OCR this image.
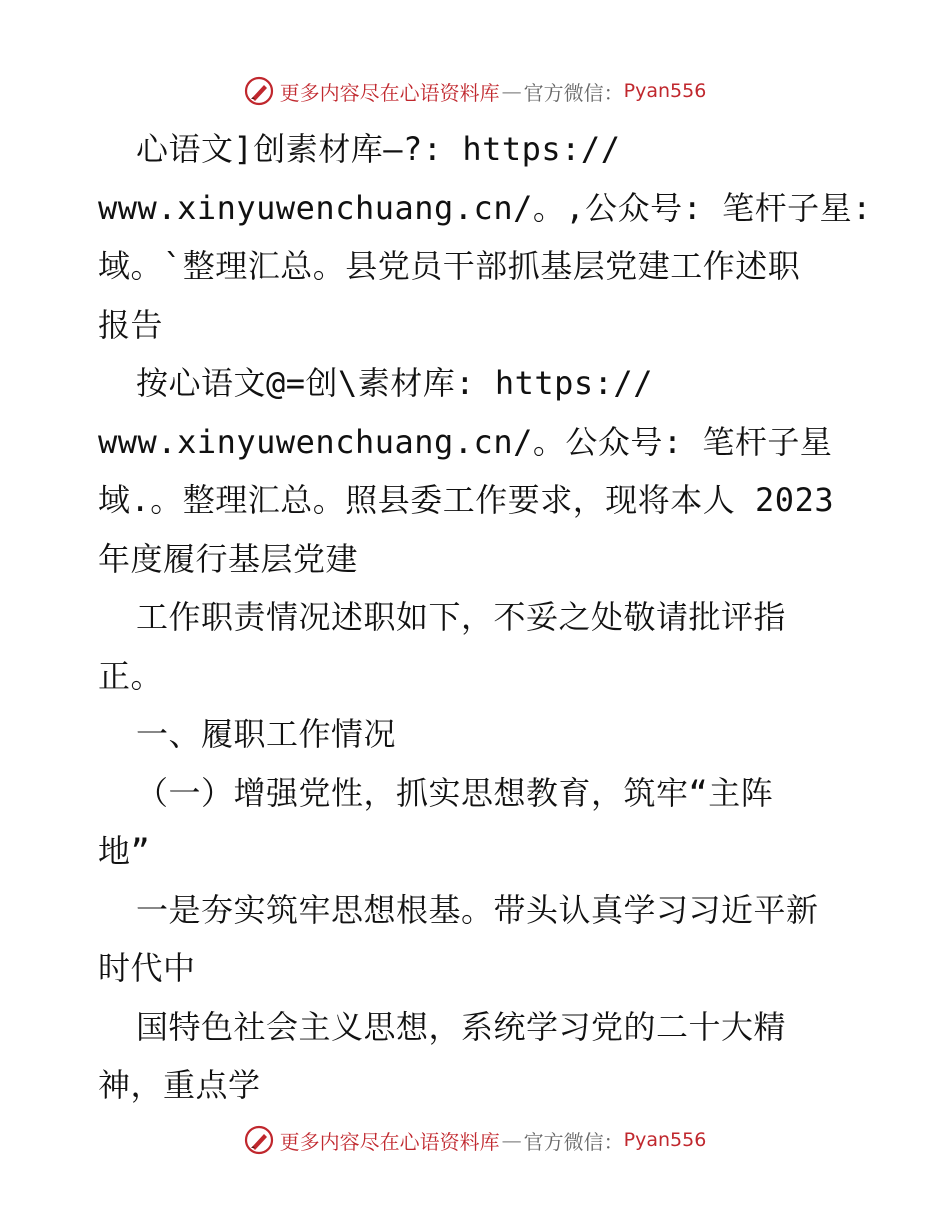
更多内容尽在心语资料库 — 官方微信： Pyan556
心语文]创素材库—?: https://
www.xinyuwenchuang.cn/。,公众号: 笔杆子星:
域。`整理汇总。县党员干部抓基层党建工作述职
报告
按心语文@=创\素材库: https://
www.xinyuwenchuang.cn/。公众号: 笔杆子星
域.。整理汇总。照县委工作要求，现将本人 2023
年度履行基层党建
工作职责情况述职如下，不妥之处敬请批评指
正。
一、履职工作情况
（一）增强党性，抓实思想教育，筑牢“主阵
地”
一是夯实筑牢思想根基。带头认真学习习近平新
时代中
国特色社会主义思想，系统学习党的二十大精
神，重点学
更多内容尽在心语资料库 — 官方微信： Pyan556
